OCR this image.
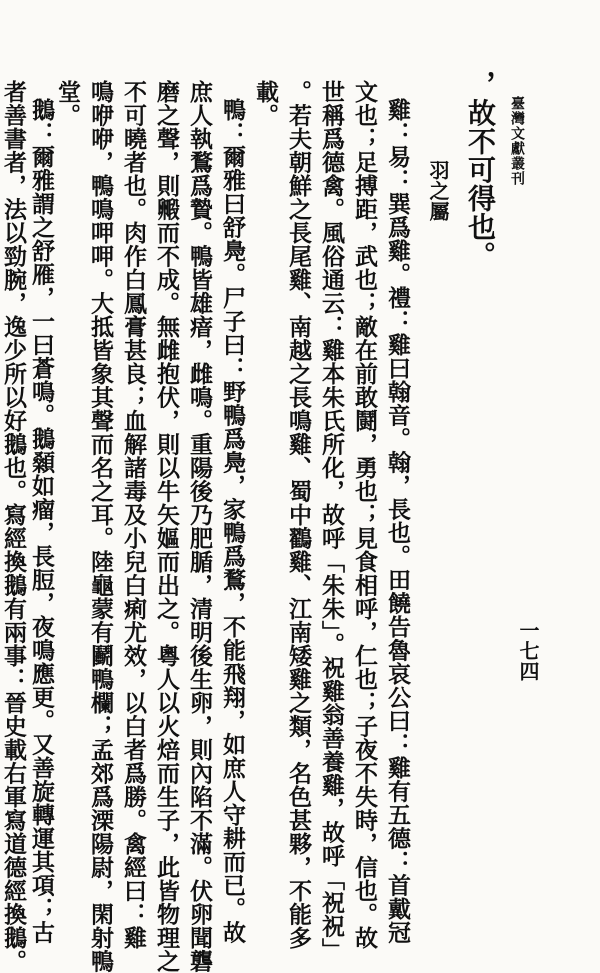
臺灣文獻叢刊
一七四
，故不可得也。
羽之屬
雞：易：巽爲雞。禮：雞曰翰音。翰，長也。田饒告魯哀公曰：雞有五德：首戴冠
文也；足搏距，武也；敵在前敢鬪，勇也；見食相呼，仁也；子夜不失時，信也。故
世稱爲德禽。風俗通云：雞本朱氏所化，故呼「朱朱」。祝雞翁善養雞，故呼「祝祝」
。若夫朝鮮之長尾雞、南越之長鳴雞、蜀中鸐雞、江南矮雞之類，名色甚夥，不能多
載。
鴨：爾雅曰舒鳧。尸子曰：野鴨爲鳧，家鴨爲鶩，不能飛翔，如庶人守耕而已。故
庶人執鶩爲贄。鴨皆雄瘖，雌鳴。重陽後乃肥腯，清明後生卵，則內陷不滿。伏卵聞礱
磨之聲，則毈而不成。無雌抱伏，則以牛矢嫗而出之。粵人以火焙而生子，此皆物理之
不可曉者也。肉作白鳳膏甚良；血解諸毒及小兒白痢尤效，以白者爲勝。禽經曰：雞
鳴咿咿，鴨鳴呷呷。大抵皆象其聲而名之耳。陸龜蒙有鬬鴨欄；孟郊爲溧陽尉，閑射鴨
堂。
鵝：爾雅謂之舒雁，一曰蒼鳴。鵝顙如瘤，長脰，夜鳴應更。又善旋轉運其項；古
者善書者，法以勁腕，逸少所以好鵝也。寫經換鵝有兩事：晉史載右軍寫道德經換鵝。
